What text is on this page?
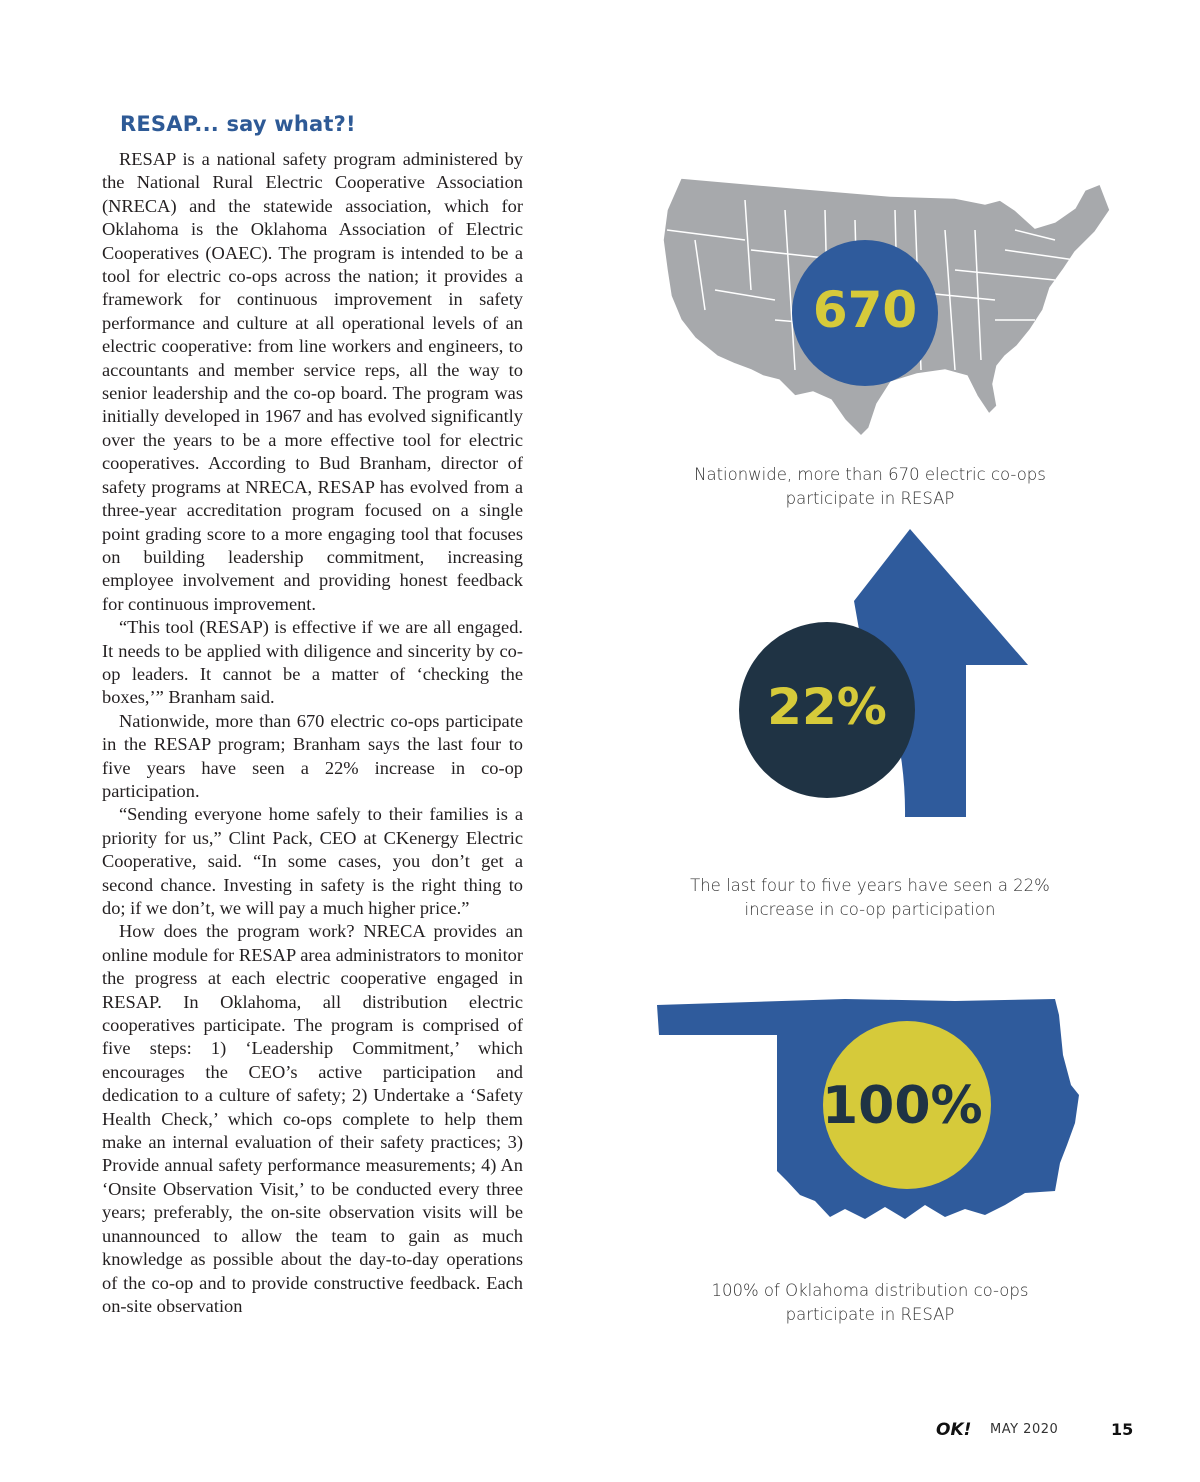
RESAP... say what?!

RESAP is a national safety program administered by the National Rural Electric Cooperative Association (NRECA) and the statewide association, which for Oklahoma is the Oklahoma Association of Electric Cooperatives (OAEC). The program is intended to be a tool for electric co-ops across the nation; it provides a framework for continuous improvement in safety performance and culture at all operational levels of an electric cooperative: from line workers and engineers, to accountants and member service reps, all the way to senior leadership and the co-op board. The program was initially developed in 1967 and has evolved significantly over the years to be a more effective tool for electric cooperatives. According to Bud Branham, director of safety programs at NRECA, RESAP has evolved from a three-year accreditation program focused on a single point grading score to a more engaging tool that focuses on building leadership commitment, increasing employee involvement and providing honest feedback for continuous improvement.

“This tool (RESAP) is effective if we are all engaged. It needs to be applied with diligence and sincerity by co-op leaders. It cannot be a matter of ‘checking the boxes,’” Branham said.

Nationwide, more than 670 electric co-ops participate in the RESAP program; Branham says the last four to five years have seen a 22% increase in co-op participation.

“Sending everyone home safely to their families is a priority for us,” Clint Pack, CEO at CKenergy Electric Cooperative, said. “In some cases, you don’t get a second chance. Investing in safety is the right thing to do; if we don’t, we will pay a much higher price.”

How does the program work? NRECA provides an online module for RESAP area administrators to monitor the progress at each electric cooperative engaged in RESAP. In Oklahoma, all distribution electric cooperatives participate. The program is comprised of five steps: 1) ‘Leadership Commitment,’ which encourages the CEO’s active participation and dedication to a culture of safety; 2) Undertake a ‘Safety Health Check,’ which co-ops complete to help them make an internal evaluation of their safety practices; 3) Provide annual safety performance measurements; 4) An ‘Onsite Observation Visit,’ to be conducted every three years; preferably, the on-site observation visits will be unannounced to allow the team to gain as much knowledge as possible about the day-to-day operations of the co-op and to provide constructive feedback. Each on-site observation

670
Nationwide, more than 670 electric co-ops
participate in RESAP
22%
The last four to five years have seen a 22%
increase in co-op participation
100%
100% of Oklahoma distribution co-ops
participate in RESAP
OK! MAY 2020	15
